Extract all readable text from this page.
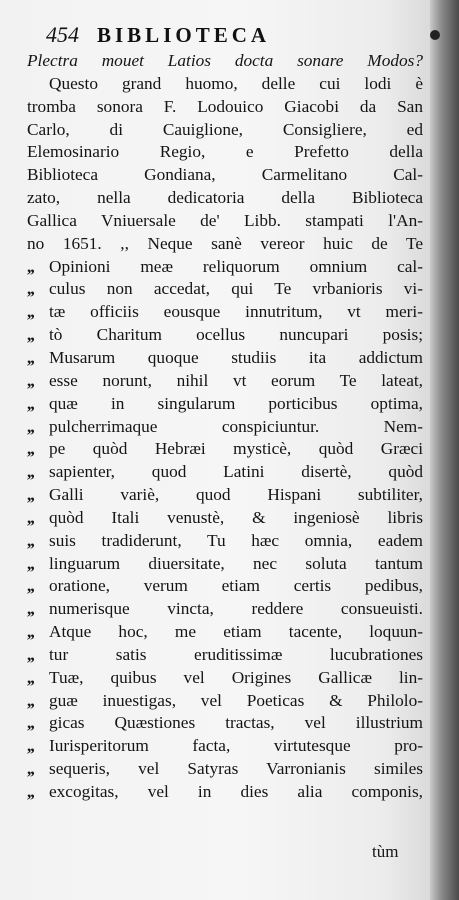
454 BIBLIOTECA
Plectra mouet Latios docta sonare Modos?
Questo grand huomo, delle cui lodi è
tromba sonora F. Lodouico Giacobi da San
Carlo, di Cauiglione, Consigliere, ed
Elemosinario Regio, e Prefetto della
Biblioteca Gondiana, Carmelitano Cal-
zato, nella dedicatoria della Biblioteca
Gallica Vniuersale de' Libb. stampati l'An-
no 1651. ,, Neque sanè vereor huic de Te
,, Opinioni meæ reliquorum omnium cal-
,, culus non accedat, qui Te vrbanioris vi-
,, tæ officiis eousque innutritum, vt meri-
,, tò Charitum ocellus nuncupari posis;
,, Musarum quoque studiis ita addictum
,, esse norunt, nihil vt eorum Te lateat,
,, quæ in singularum porticibus optima,
,, pulcherrimaque conspiciuntur. Nem-
,, pe quòd Hebræi mysticè, quòd Græci
,, sapienter, quod Latini disertè, quòd
,, Galli variè, quod Hispani subtiliter,
,, quòd Itali venustè, & ingeniosè libris
,, suis tradiderunt, Tu hæc omnia, eadem
,, linguarum diuersitate, nec soluta tantum
,, oratione, verum etiam certis pedibus,
,, numerisque vincta, reddere consueuisti.
,, Atque hoc, me etiam tacente, loquun-
,, tur satis eruditissimæ lucubrationes
,, Tuæ, quibus vel Origines Gallicæ lin-
,, guæ inuestigas, vel Poeticas & Philolo-
,, gicas Quæstiones tractas, vel illustrium
,, Iurisperitorum facta, virtutesque pro-
,, sequeris, vel Satyras Varronianis similes
,, excogitas, vel in dies alia componis,
tùm
